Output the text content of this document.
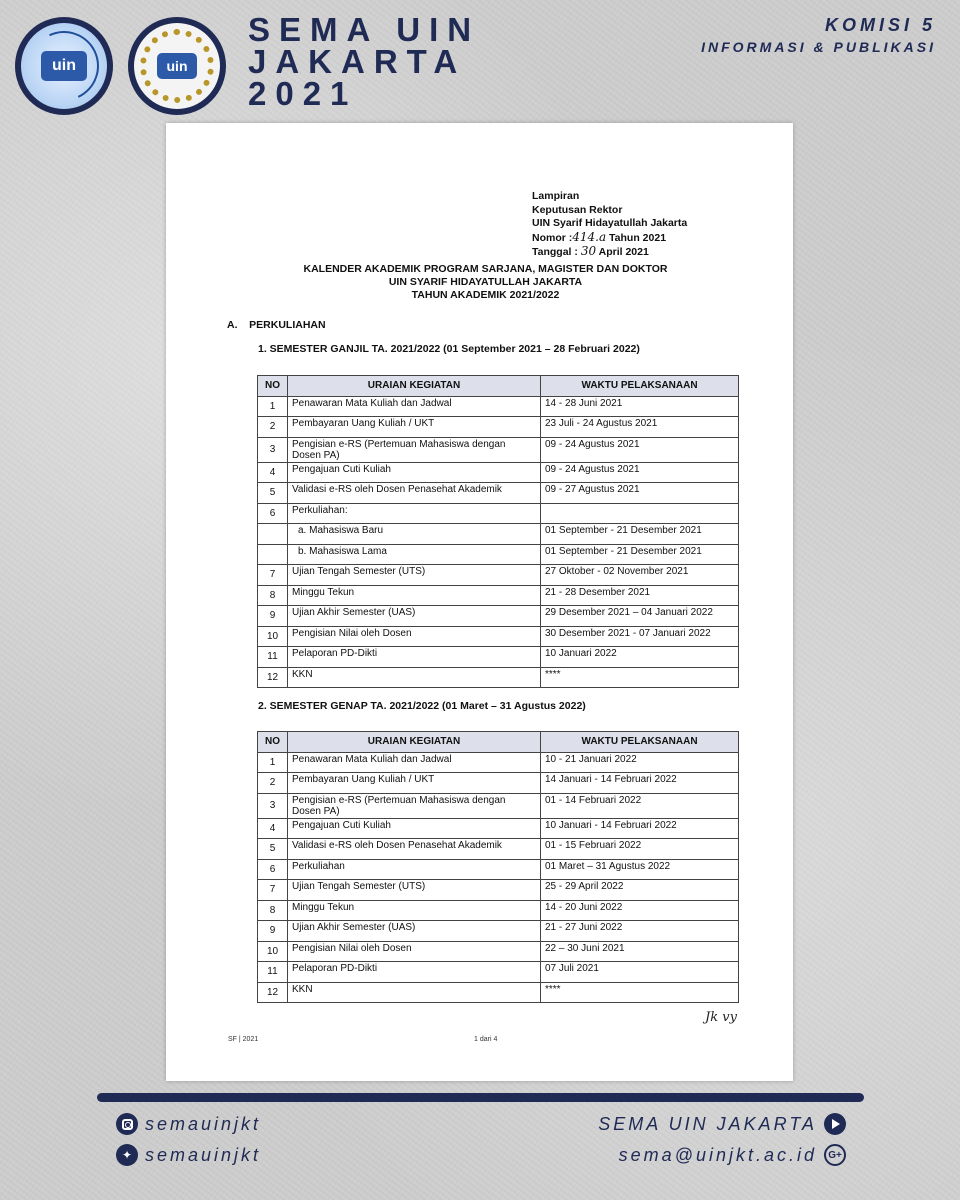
uin	uin
SEMA UIN
JAKARTA
2021
KOMISI 5
INFORMASI & PUBLIKASI
Lampiran
Keputusan Rektor
UIN Syarif Hidayatullah Jakarta
Nomor :414.a Tahun 2021
Tanggal : 30 April 2021
KALENDER AKADEMIK PROGRAM SARJANA, MAGISTER DAN DOKTOR
UIN SYARIF HIDAYATULLAH JAKARTA
TAHUN AKADEMIK 2021/2022
A.    PERKULIAHAN
1. SEMESTER GANJIL TA. 2021/2022 (01 September 2021 – 28 Februari 2022)
NO	URAIAN KEGIATAN	WAKTU PELAKSANAAN
1	Penawaran Mata Kuliah dan Jadwal	14 - 28 Juni 2021
2	Pembayaran Uang Kuliah / UKT	23 Juli - 24 Agustus 2021
3	Pengisian e-RS (Pertemuan Mahasiswa dengan Dosen PA)	09 - 24 Agustus 2021
4	Pengajuan Cuti Kuliah	09 - 24 Agustus 2021
5	Validasi e-RS oleh Dosen Penasehat Akademik	09 - 27 Agustus 2021
6	Perkuliahan:	
	a. Mahasiswa Baru	01 September - 21 Desember 2021
	b. Mahasiswa Lama	01 September - 21 Desember 2021
7	Ujian Tengah Semester (UTS)	27 Oktober - 02 November 2021
8	Minggu Tekun	21 - 28 Desember 2021
9	Ujian Akhir Semester (UAS)	29 Desember 2021 – 04 Januari 2022
10	Pengisian Nilai oleh Dosen	30 Desember 2021 - 07 Januari 2022
11	Pelaporan PD-Dikti	10 Januari 2022
12	KKN	****
2. SEMESTER GENAP TA. 2021/2022 (01 Maret – 31 Agustus 2022)
NO	URAIAN KEGIATAN	WAKTU PELAKSANAAN
1	Penawaran Mata Kuliah dan Jadwal	10 - 21 Januari 2022
2	Pembayaran Uang Kuliah / UKT	14 Januari - 14 Februari 2022
3	Pengisian e-RS (Pertemuan Mahasiswa dengan Dosen PA)	01 - 14 Februari 2022
4	Pengajuan Cuti Kuliah	10 Januari - 14 Februari 2022
5	Validasi e-RS oleh Dosen Penasehat Akademik	01 - 15 Februari 2022
6	Perkuliahan	01 Maret – 31 Agustus 2022
7	Ujian Tengah Semester (UTS)	25 - 29 April 2022
8	Minggu Tekun	14 - 20 Juni 2022
9	Ujian Akhir Semester (UAS)	21 - 27 Juni 2022
10	Pengisian Nilai oleh Dosen	22 – 30 Juni 2021
11	Pelaporan PD-Dikti	07 Juli 2021
12	KKN	****
Jk vy
SF | 2021	1 dari 4
semauinjkt
✦ semauinjkt
SEMA UIN JAKARTA
sema@uinjkt.ac.id	G+
